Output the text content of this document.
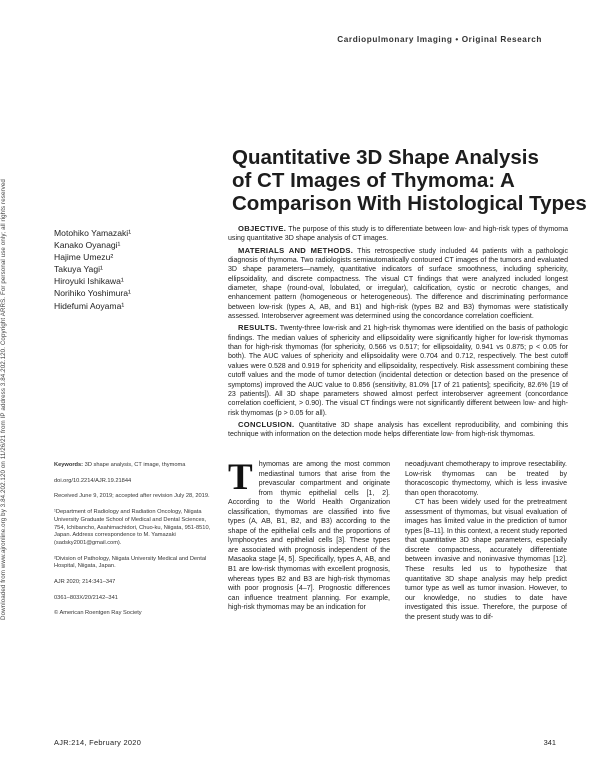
Downloaded from www.ajronline.org by 3.84.202.120 on 11/26/21 from IP address 3.84.202.120. Copyright ARRS. For personal use only; all rights reserved
Cardiopulmonary Imaging • Original Research
Quantitative 3D Shape Analysis
of CT Images of Thymoma: A
Comparison With Histological Types
Motohiko Yamazaki¹
Kanako Oyanagi¹
Hajime Umezu²
Takuya Yagi¹
Hiroyuki Ishikawa¹
Norihiko Yoshimura¹
Hidefumi Aoyama¹

OBJECTIVE. The purpose of this study is to differentiate between low- and high-risk types of thymoma using quantitative 3D shape analysis of CT images.

MATERIALS AND METHODS. This retrospective study included 44 patients with a pathologic diagnosis of thymoma. Two radiologists semiautomatically contoured CT images of the tumors and evaluated 3D shape parameters—namely, quantitative indicators of surface smoothness, including sphericity, ellipsoidality, and discrete compactness. The visual CT findings that were analyzed included longest diameter, shape (round-oval, lobulated, or irregular), calcification, cystic or necrotic changes, and enhancement pattern (homogeneous or heterogeneous). The difference and discriminating performance between low-risk (types A, AB, and B1) and high-risk (types B2 and B3) thymomas were statistically assessed. Interobserver agreement was determined using the concordance correlation coefficient.

RESULTS. Twenty-three low-risk and 21 high-risk thymomas were identified on the basis of pathologic findings. The median values of sphericity and ellipsoidality were significantly higher for low-risk thymomas than for high-risk thymomas (for sphericity, 0.566 vs 0.517; for ellipsoidality, 0.941 vs 0.875; p < 0.05 for both). The AUC values of sphericity and ellipsoidality were 0.704 and 0.712, respectively. The best cutoff values were 0.528 and 0.919 for sphericity and ellipsoidality, respectively. Risk assessment combining these cutoff values and the mode of tumor detection (incidental detection or detection based on the presence of symptoms) improved the AUC value to 0.856 (sensitivity, 81.0% [17 of 21 patients]; specificity, 82.6% [19 of 23 patients]). All 3D shape parameters showed almost perfect interobserver agreement (concordance correlation coefficient, > 0.90). The visual CT findings were not significantly different between low- and high-risk thymomas (p > 0.05 for all).

CONCLUSION. Quantitative 3D shape analysis has excellent reproducibility, and combining this technique with information on the detection mode helps differentiate low- from high-risk thymomas.

Keywords: 3D shape analysis, CT image, thymoma

doi.org/10.2214/AJR.19.21844

Received June 9, 2019; accepted after revision July 28, 2019.

¹Department of Radiology and Radiation Oncology, Niigata University Graduate School of Medical and Dental Sciences, 754, Ichibancho, Asahimachidori, Chuo-ku, Niigata, 951-8510, Japan. Address correspondence to M. Yamazaki (sadsky2001@gmail.com).

²Division of Pathology, Niigata University Medical and Dental Hospital, Niigata, Japan.

AJR 2020; 214:341–347

0361–803X/20/2142–341

© American Roentgen Ray Society

Thymomas are among the most common mediastinal tumors that arise from the prevascular compartment and originate from thymic epithelial cells [1, 2]. According to the World Health Organization classification, thymomas are classified into five types (A, AB, B1, B2, and B3) according to the shape of the epithelial cells and the proportions of lymphocytes and epithelial cells [3]. These types are associated with prognosis independent of the Masaoka stage [4, 5]. Specifically, types A, AB, and B1 are low-risk thymomas with excellent prognosis, whereas types B2 and B3 are high-risk thymomas with poor prognosis [4–7]. Prognostic differences can influence treatment planning. For example, high-risk thymomas may be an indication for

neoadjuvant chemotherapy to improve resectability. Low-risk thymomas can be treated by thoracoscopic thymectomy, which is less invasive than open thoracotomy.

CT has been widely used for the pretreatment assessment of thymomas, but visual evaluation of images has limited value in the prediction of tumor types [8–11]. In this context, a recent study reported that quantitative 3D shape parameters, especially discrete compactness, accurately differentiate between invasive and noninvasive thymomas [12]. These results led us to hypothesize that quantitative 3D shape analysis may help predict tumor type as well as tumor invasion. However, to our knowledge, no studies to date have investigated this issue. Therefore, the purpose of the present study was to dif-

AJR:214, February 2020	341
